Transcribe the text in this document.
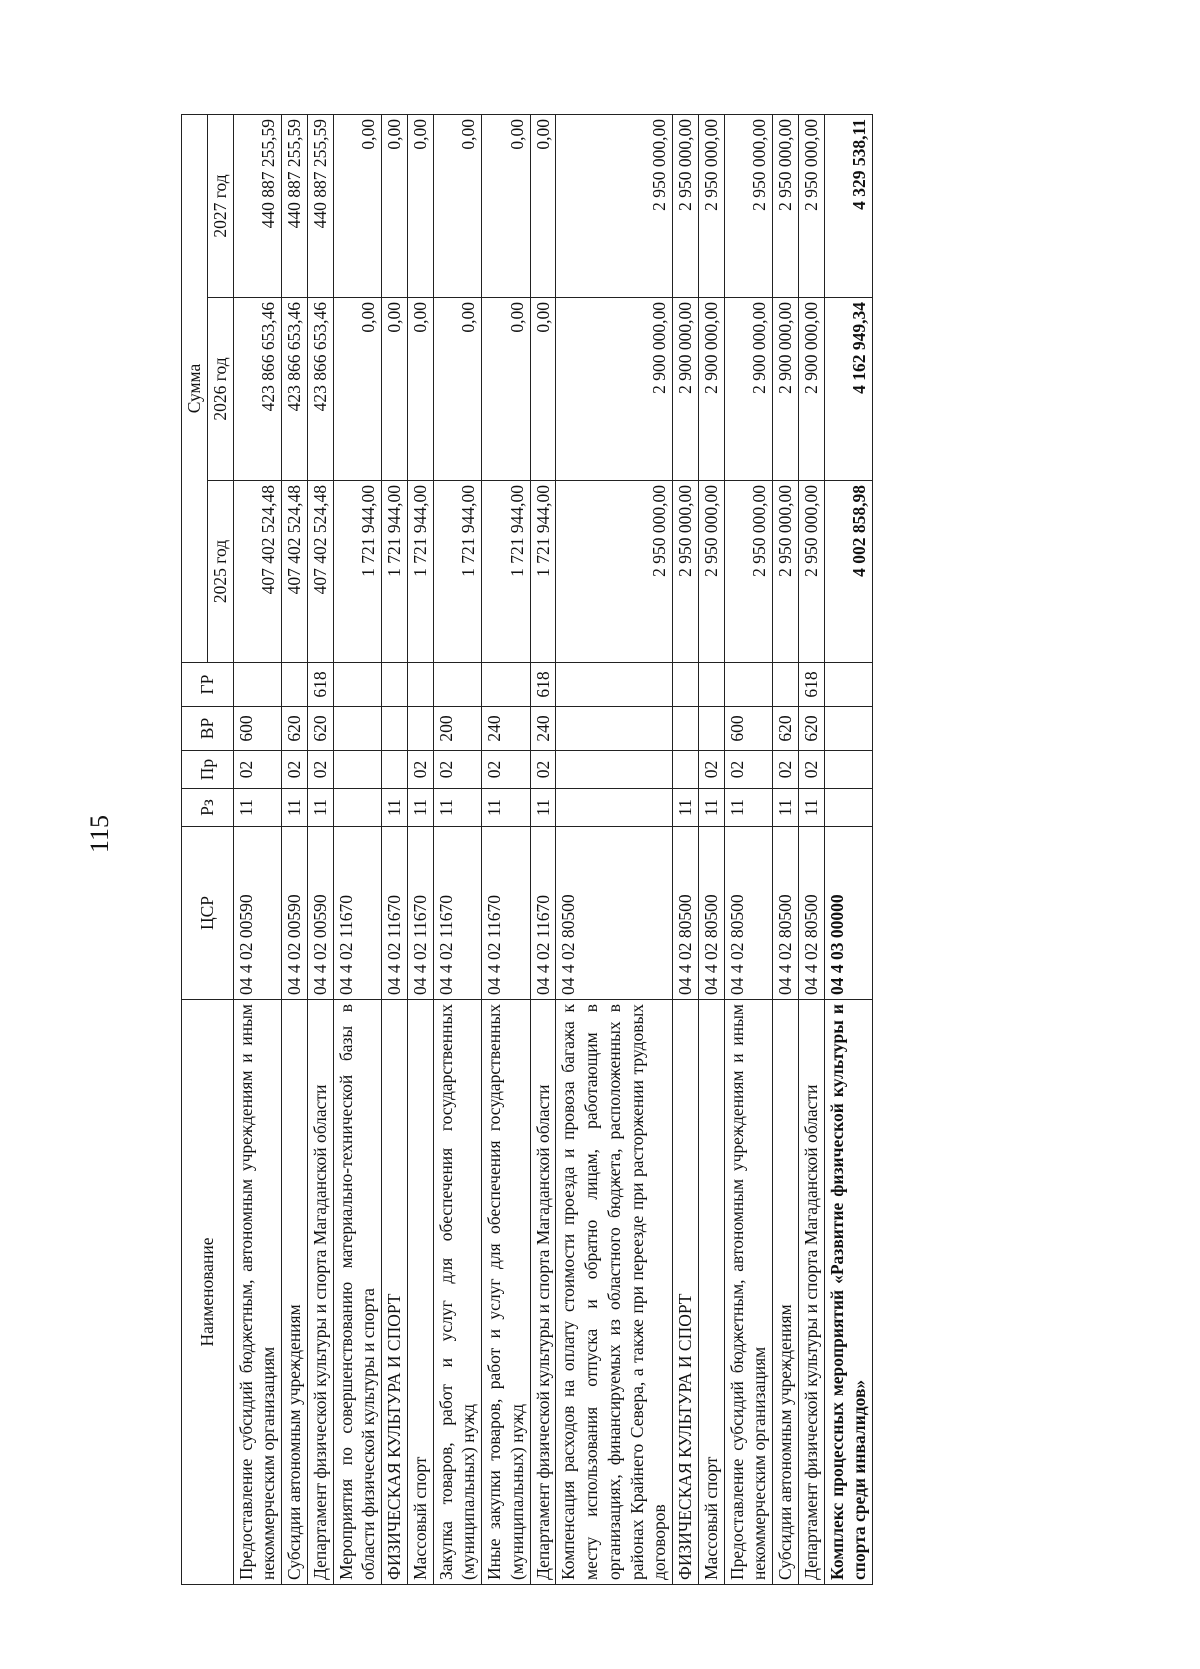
115
Наименование	ЦСР	Рз	Пр	ВР	ГР	Сумма		
						2025 год	2026 год	2027 год
Предоставление субсидий бюджетным, автономным учреждениям и иным некоммерческим организациям	04 4 02 00590	11	02	600		407 402 524,48	423 866 653,46	440 887 255,59
Субсидии автономным учреждениям	04 4 02 00590	11	02	620		407 402 524,48	423 866 653,46	440 887 255,59
Департамент физической культуры и спорта Магаданской области	04 4 02 00590	11	02	620	618	407 402 524,48	423 866 653,46	440 887 255,59
Мероприятия по совершенствованию материально-технической базы в области физической культуры и спорта	04 4 02 11670					1 721 944,00	0,00	0,00
ФИЗИЧЕСКАЯ КУЛЬТУРА И СПОРТ	04 4 02 11670	11				1 721 944,00	0,00	0,00
Массовый спорт	04 4 02 11670	11	02			1 721 944,00	0,00	0,00
Закупка товаров, работ и услуг для обеспечения государственных (муниципальных) нужд	04 4 02 11670	11	02	200		1 721 944,00	0,00	0,00
Иные закупки товаров, работ и услуг для обеспечения государственных (муниципальных) нужд	04 4 02 11670	11	02	240		1 721 944,00	0,00	0,00
Департамент физической культуры и спорта Магаданской области	04 4 02 11670	11	02	240	618	1 721 944,00	0,00	0,00
Компенсация расходов на оплату стоимости проезда и провоза багажа к месту использования отпуска и обратно лицам, работающим в организациях, финансируемых из областного бюджета, расположенных в районах Крайнего Севера, а также при переезде при расторжении трудовых договоров	04 4 02 80500					2 950 000,00	2 900 000,00	2 950 000,00
ФИЗИЧЕСКАЯ КУЛЬТУРА И СПОРТ	04 4 02 80500	11				2 950 000,00	2 900 000,00	2 950 000,00
Массовый спорт	04 4 02 80500	11	02			2 950 000,00	2 900 000,00	2 950 000,00
Предоставление субсидий бюджетным, автономным учреждениям и иным некоммерческим организациям	04 4 02 80500	11	02	600		2 950 000,00	2 900 000,00	2 950 000,00
Субсидии автономным учреждениям	04 4 02 80500	11	02	620		2 950 000,00	2 900 000,00	2 950 000,00
Департамент физической культуры и спорта Магаданской области	04 4 02 80500	11	02	620	618	2 950 000,00	2 900 000,00	2 950 000,00
Комплекс процессных мероприятий «Развитие физической культуры и спорта среди инвалидов»	04 4 03 00000					4 002 858,98	4 162 949,34	4 329 538,11
